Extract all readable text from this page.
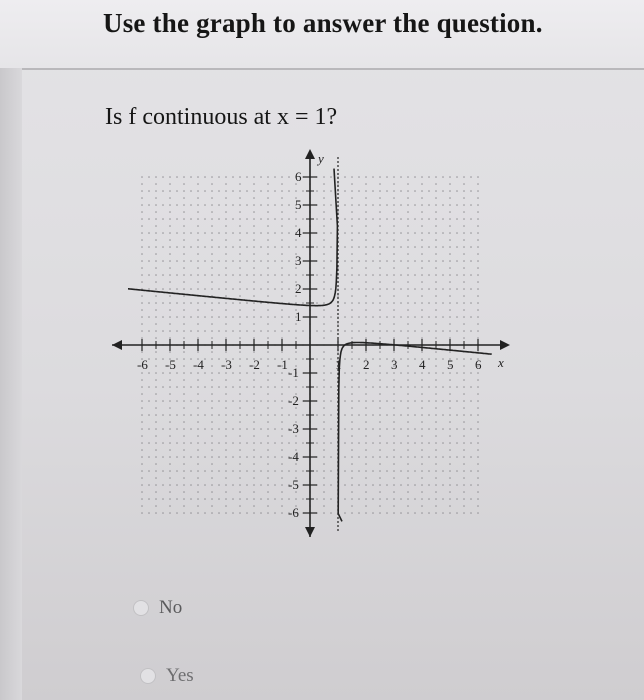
Use the graph to answer the question.
Is f continuous at x = 1?
-6 -5 -4 -3 -2 -1	1 2 3 4 5 6
6
5
4
3
2
1
-1
-2
-3
-4
-5
-6
x
y
No
Yes
